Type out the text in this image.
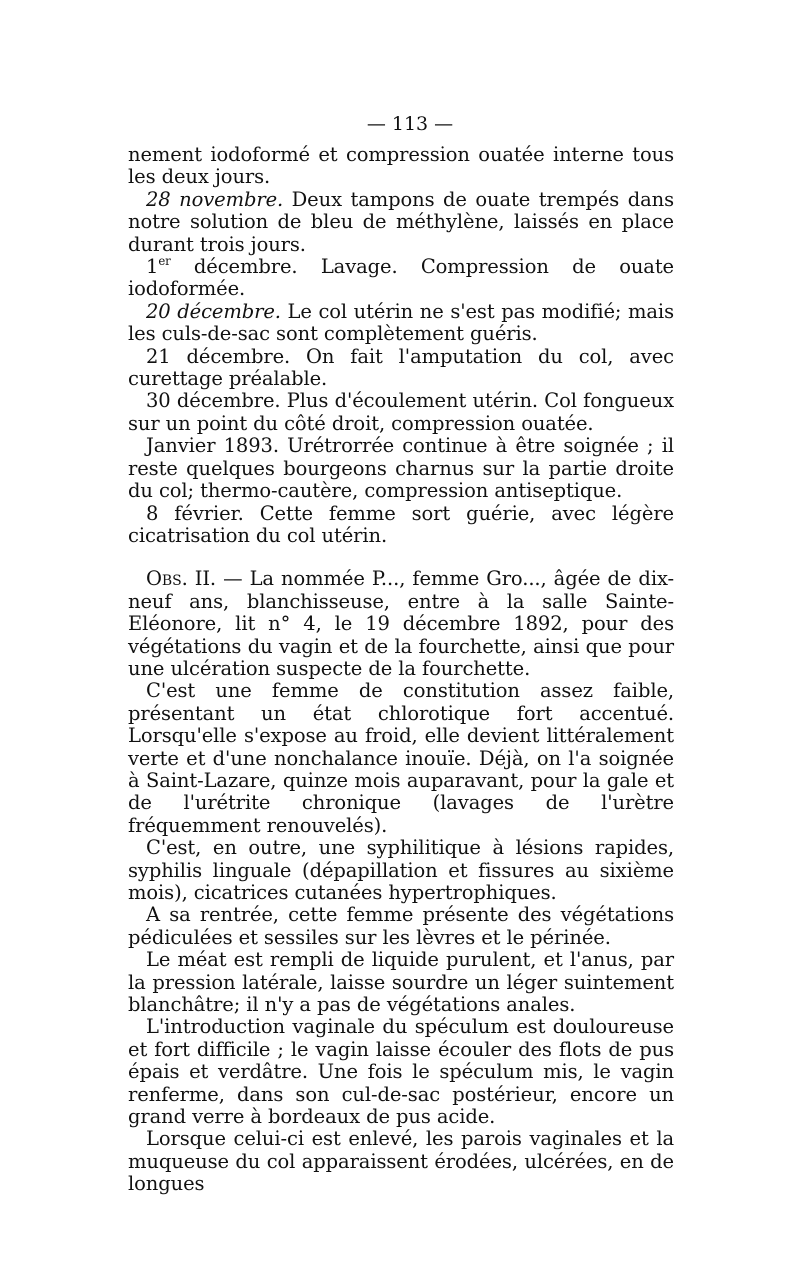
— 113 —

nement iodoformé et compression ouatée interne tous les deux jours.

28 novembre. Deux tampons de ouate trempés dans notre solution de bleu de méthylène, laissés en place durant trois jours.

1er décembre. Lavage. Compression de ouate iodoformée.

20 décembre. Le col utérin ne s'est pas modifié; mais les culs-de-sac sont complètement guéris.

21 décembre. On fait l'amputation du col, avec curettage préalable.

30 décembre. Plus d'écoulement utérin. Col fongueux sur un point du côté droit, compression ouatée.

Janvier 1893. Urétrorrée continue à être soignée ; il reste quelques bourgeons charnus sur la partie droite du col; thermo-cautère, compression antiseptique.

8 février. Cette femme sort guérie, avec légère cicatrisation du col utérin.

Obs. II. — La nommée P..., femme Gro..., âgée de dix-neuf ans, blanchisseuse, entre à la salle Sainte-Eléonore, lit n° 4, le 19 décembre 1892, pour des végétations du vagin et de la fourchette, ainsi que pour une ulcération suspecte de la fourchette.

C'est une femme de constitution assez faible, présentant un état chlorotique fort accentué. Lorsqu'elle s'expose au froid, elle devient littéralement verte et d'une nonchalance inouïe. Déjà, on l'a soignée à Saint-Lazare, quinze mois auparavant, pour la gale et de l'urétrite chronique (lavages de l'urètre fréquemment renouvelés).

C'est, en outre, une syphilitique à lésions rapides, syphilis linguale (dépapillation et fissures au sixième mois), cicatrices cutanées hypertrophiques.

A sa rentrée, cette femme présente des végétations pédiculées et sessiles sur les lèvres et le périnée.

Le méat est rempli de liquide purulent, et l'anus, par la pression latérale, laisse sourdre un léger suintement blanchâtre; il n'y a pas de végétations anales.

L'introduction vaginale du spéculum est douloureuse et fort difficile ; le vagin laisse écouler des flots de pus épais et verdâtre. Une fois le spéculum mis, le vagin renferme, dans son cul-de-sac postérieur, encore un grand verre à bordeaux de pus acide.

Lorsque celui-ci est enlevé, les parois vaginales et la muqueuse du col apparaissent érodées, ulcérées, en de longues
